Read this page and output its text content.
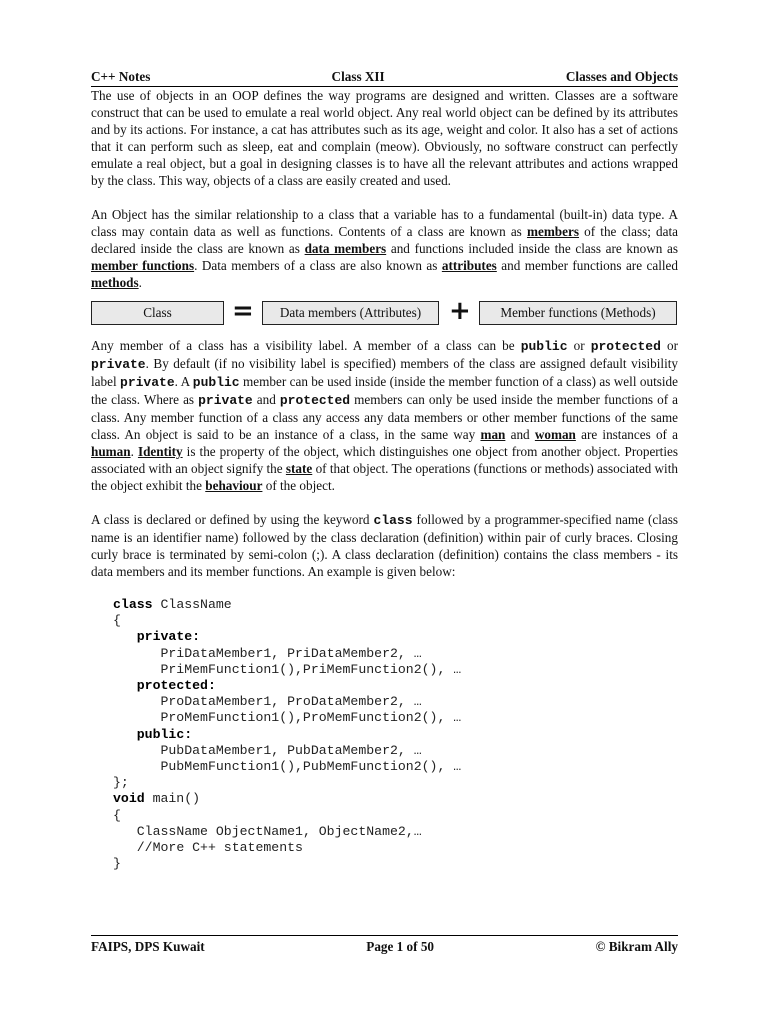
C++ Notes	Class XII	Classes and Objects

The use of objects in an OOP defines the way programs are designed and written. Classes are a software construct that can be used to emulate a real world object. Any real world object can be defined by its attributes and by its actions. For instance, a cat has attributes such as its age, weight and color. It also has a set of actions that it can perform such as sleep, eat and complain (meow). Obviously, no software construct can perfectly emulate a real object, but a goal in designing classes is to have all the relevant attributes and actions wrapped by the class. This way, objects of a class are easily created and used.

An Object has the similar relationship to a class that a variable has to a fundamental (built-in) data type. A class may contain data as well as functions. Contents of a class are known as members of the class; data declared inside the class are known as data members and functions included inside the class are known as member functions. Data members of a class are also known as attributes and member functions are called methods.

Class	=	Data members (Attributes)	+	Member functions (Methods)

Any member of a class has a visibility label. A member of a class can be public or protected or private. By default (if no visibility label is specified) members of the class are assigned default visibility label private. A public member can be used inside (inside the member function of a class) as well outside the class. Where as private and protected members can only be used inside the member functions of a class. Any member function of a class any access any data members or other member functions of the same class. An object is said to be an instance of a class, in the same way man and woman are instances of a human. Identity is the property of the object, which distinguishes one object from another object. Properties associated with an object signify the state of that object. The operations (functions or methods) associated with the object exhibit the behaviour of the object.

A class is declared or defined by using the keyword class followed by a programmer-specified name (class name is an identifier name) followed by the class declaration (definition) within pair of curly braces. Closing curly brace is terminated by semi-colon (;). A class declaration (definition) contains the class members - its data members and its member functions. An example is given below:

class ClassName
{
private:
PriDataMember1, PriDataMember2, …
PriMemFunction1(),PriMemFunction2(), …
protected:
ProDataMember1, ProDataMember2, …
ProMemFunction1(),ProMemFunction2(), …
public:
PubDataMember1, PubDataMember2, …
PubMemFunction1(),PubMemFunction2(), …
};
void main()
{
ClassName ObjectName1, ObjectName2,…
//More C++ statements
}
FAIPS, DPS Kuwait	Page 1 of 50	© Bikram Ally
